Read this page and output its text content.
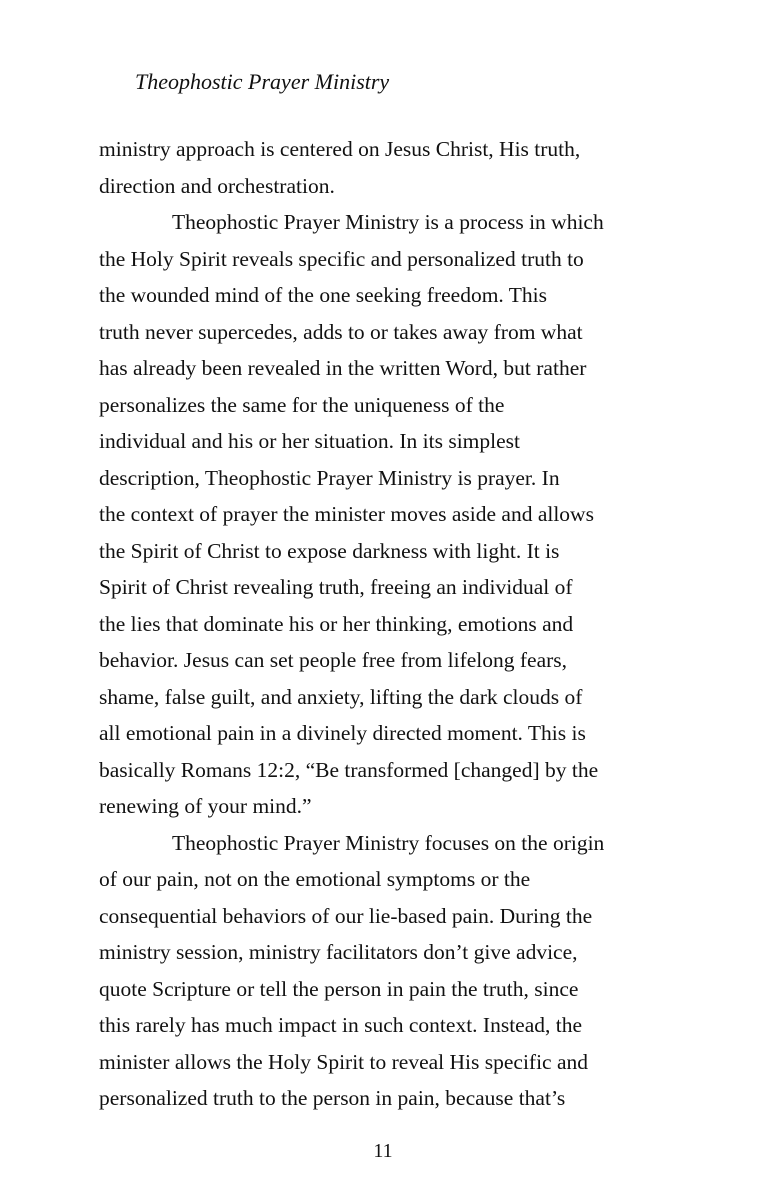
Theophostic Prayer Ministry
ministry approach is centered on Jesus Christ, His truth,
direction and orchestration.
Theophostic Prayer Ministry is a process in which
the Holy Spirit reveals specific and personalized truth to
the wounded mind of the one seeking freedom. This
truth never supercedes, adds to or takes away from what
has already been revealed in the written Word, but rather
personalizes the same for the uniqueness of the
individual and his or her situation. In its simplest
description, Theophostic Prayer Ministry is prayer. In
the context of prayer the minister moves aside and allows
the Spirit of Christ to expose darkness with light. It is
Spirit of Christ revealing truth, freeing an individual of
the lies that dominate his or her thinking, emotions and
behavior. Jesus can set people free from lifelong fears,
shame, false guilt, and anxiety, lifting the dark clouds of
all emotional pain in a divinely directed moment. This is
basically Romans 12:2, “Be transformed [changed] by the
renewing of your mind.”
Theophostic Prayer Ministry focuses on the origin
of our pain, not on the emotional symptoms or the
consequential behaviors of our lie-based pain. During the
ministry session, ministry facilitators don’t give advice,
quote Scripture or tell the person in pain the truth, since
this rarely has much impact in such context. Instead, the
minister allows the Holy Spirit to reveal His specific and
personalized truth to the person in pain, because that’s
11
